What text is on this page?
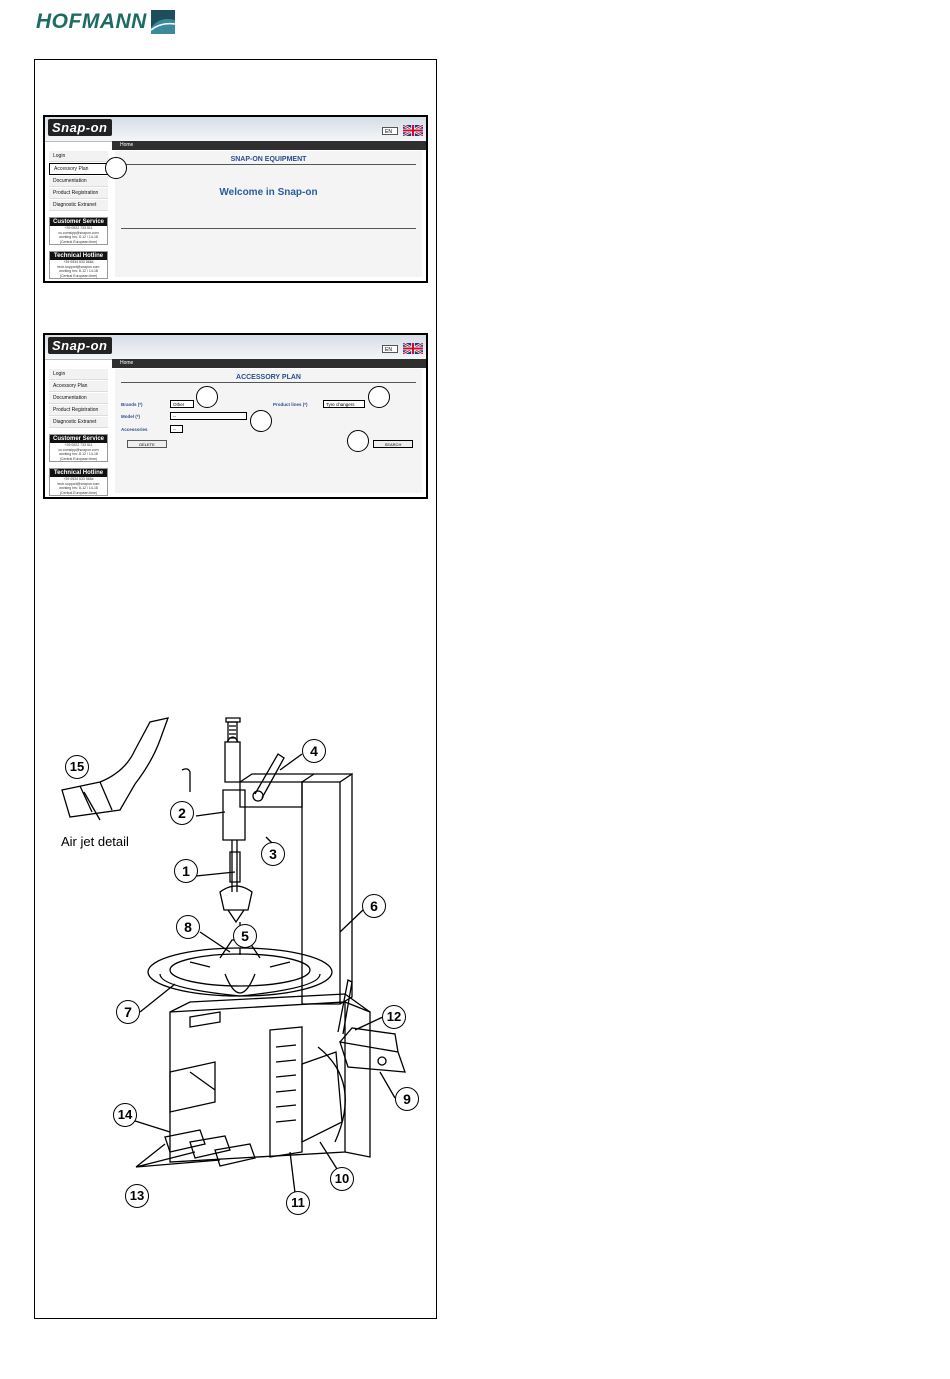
HOFMANN
Snap-on	EN
Home
Login
Accessory Plan
Documentation
Product Registration
Diagnostic Extranet
Customer Service
+39 0522 733 511
cs.comsipp@snapon.com
working hrs: 8-12 / 14-18
(Central European time)
Technical Hotline
+39 0534 533 5664
tech.support@snapon.com
working hrs: 8-12 / 14-18
(Central European time)
SNAP-ON EQUIPMENT
Welcome in Snap-on
Snap-on	EN
Home
Login
Accessory Plan
Documentation
Product Registration
Diagnostic Extranet
Customer Service
+39 0522 733 511
cs.comsipp@snapon.com
working hrs: 8-12 / 14-18
(Central European time)
Technical Hotline
+39 0534 533 5664
tech.support@snapon.com
working hrs: 8-12 / 14-18
(Central European time)
ACCESSORY PLAN
Brands (*)	Other	Product lines (*)	Tyre changers
Model (*)	--
Accessories	--
DELETE	SEARCH
Air jet detail
1
2
3
4
5
6
7
8
9
10
11
12
13
14
15
